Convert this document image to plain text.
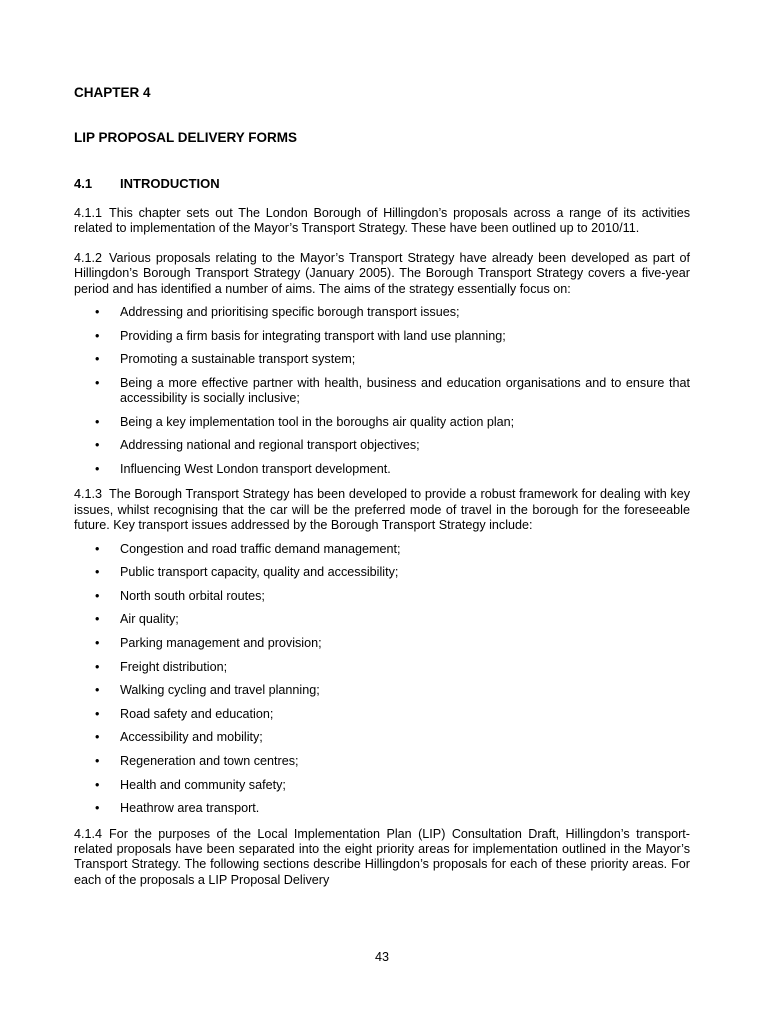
CHAPTER 4
LIP PROPOSAL DELIVERY FORMS
4.1 INTRODUCTION

4.1.1 This chapter sets out The London Borough of Hillingdon’s proposals across a range of its activities related to implementation of the Mayor’s Transport Strategy. These have been outlined up to 2010/11.

4.1.2 Various proposals relating to the Mayor’s Transport Strategy have already been developed as part of Hillingdon’s Borough Transport Strategy (January 2005). The Borough Transport Strategy covers a five-year period and has identified a number of aims. The aims of the strategy essentially focus on:

• Addressing and prioritising specific borough transport issues;
• Providing a firm basis for integrating transport with land use planning;
• Promoting a sustainable transport system;
• Being a more effective partner with health, business and education organisations and to ensure that accessibility is socially inclusive;
• Being a key implementation tool in the boroughs air quality action plan;
• Addressing national and regional transport objectives;
• Influencing West London transport development.

4.1.3 The Borough Transport Strategy has been developed to provide a robust framework for dealing with key issues, whilst recognising that the car will be the preferred mode of travel in the borough for the foreseeable future. Key transport issues addressed by the Borough Transport Strategy include:

• Congestion and road traffic demand management;
• Public transport capacity, quality and accessibility;
• North south orbital routes;
• Air quality;
• Parking management and provision;
• Freight distribution;
• Walking cycling and travel planning;
• Road safety and education;
• Accessibility and mobility;
• Regeneration and town centres;
• Health and community safety;
• Heathrow area transport.

4.1.4 For the purposes of the Local Implementation Plan (LIP) Consultation Draft, Hillingdon’s transport-related proposals have been separated into the eight priority areas for implementation outlined in the Mayor’s Transport Strategy. The following sections describe Hillingdon’s proposals for each of these priority areas. For each of the proposals a LIP Proposal Delivery

43
